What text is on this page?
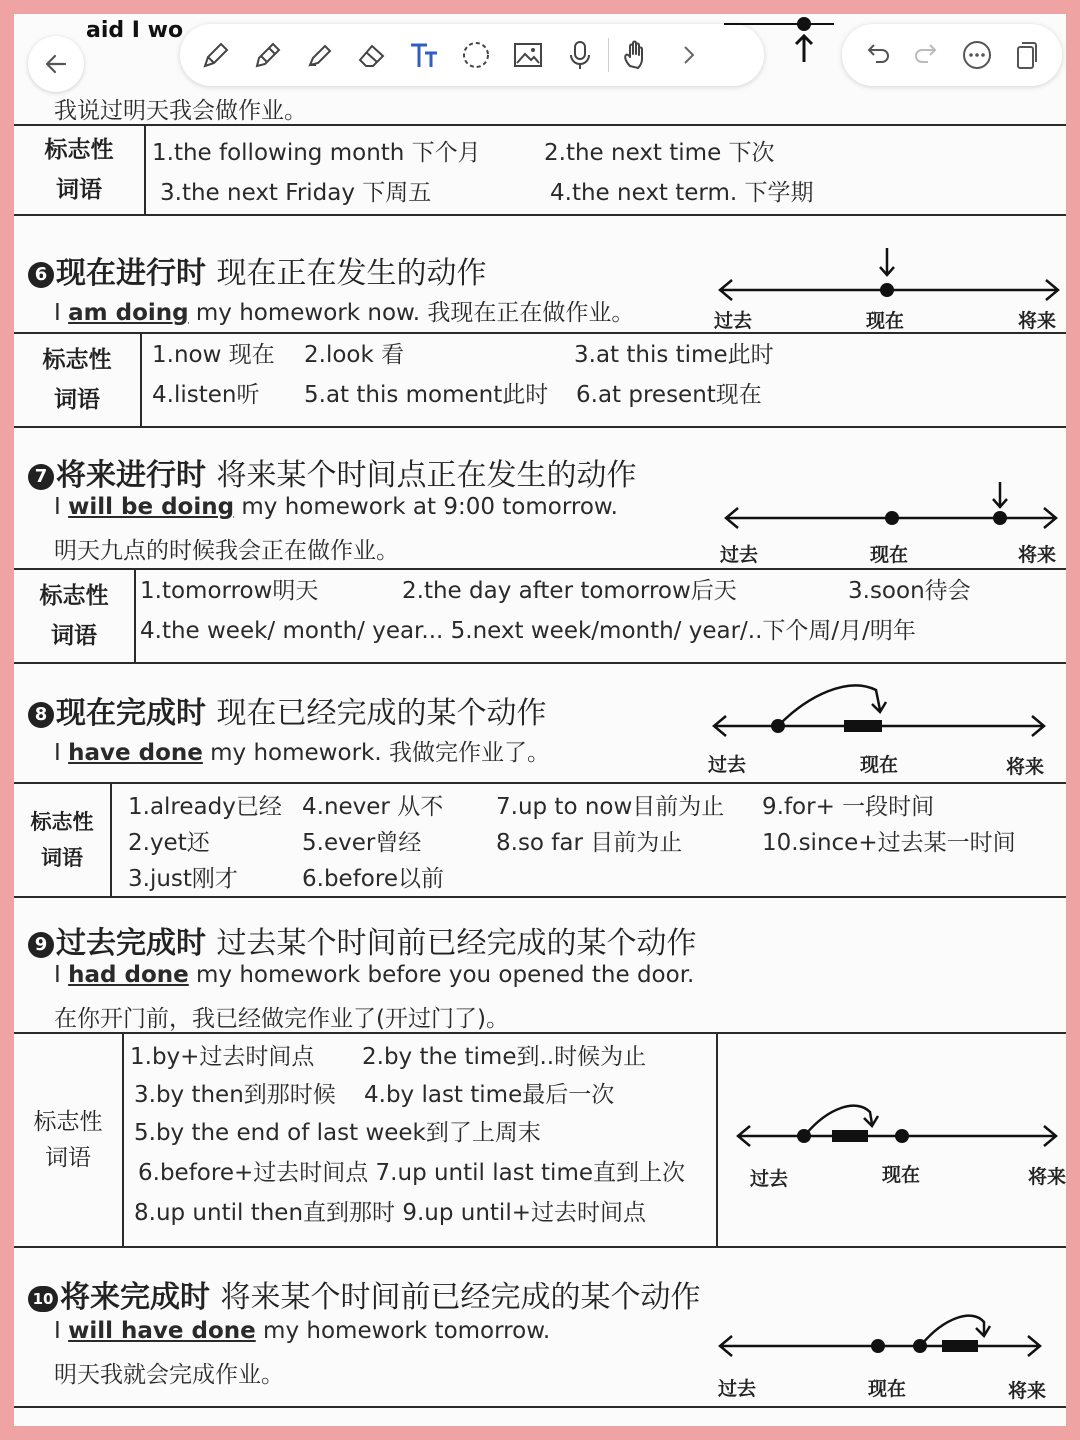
aid I wo
我说过明天我会做作业。
标志性
词语
1.the following month 下个月	2.the next time 下次
3.the next Friday 下周五	4.the next term. 下学期
6 现在进行时 现在正在发生的动作
I am doing my homework now. 我现在正在做作业。	过去	现在	将来
标志性
词语
1.now 现在 2.look 看	3.at this time此时
4.listen听 5.at this moment此时 6.at present现在
7 将来进行时 将来某个时间点正在发生的动作
I will be doing my homework at 9:00 tomorrow.
明天九点的时候我会正在做作业。	过去	现在	将来
标志性
词语
1.tomorrow明天	2.the day after tomorrow后天	3.soon待会
4.the week/ month/ year... 5.next week/month/ year/..下个周/月/明年
8 现在完成时 现在已经完成的某个动作
I have done my homework. 我做完作业了。	过去	现在	将来
标志性
词语
1.already已经 4.never 从不 7.up to now目前为止 9.for+ 一段时间
2.yet还	5.ever曾经	8.so far 目前为止	10.since+过去某一时间
3.just刚才	6.before以前
9 过去完成时 过去某个时间前已经完成的某个动作
I had done my homework before you opened the door.
在你开门前，我已经做完作业了(开过门了)。
标志性
词语
1.by+过去时间点 2.by the time到..时候为止
3.by then到那时候 4.by last time最后一次
5.by the end of last week到了上周末
6.before+过去时间点 7.up until last time直到上次
8.up until then直到那时 9.up until+过去时间点
过去	现在	将来
10 将来完成时 将来某个时间前已经完成的某个动作
I will have done my homework tomorrow.
明天我就会完成作业。
过去	现在	将来
